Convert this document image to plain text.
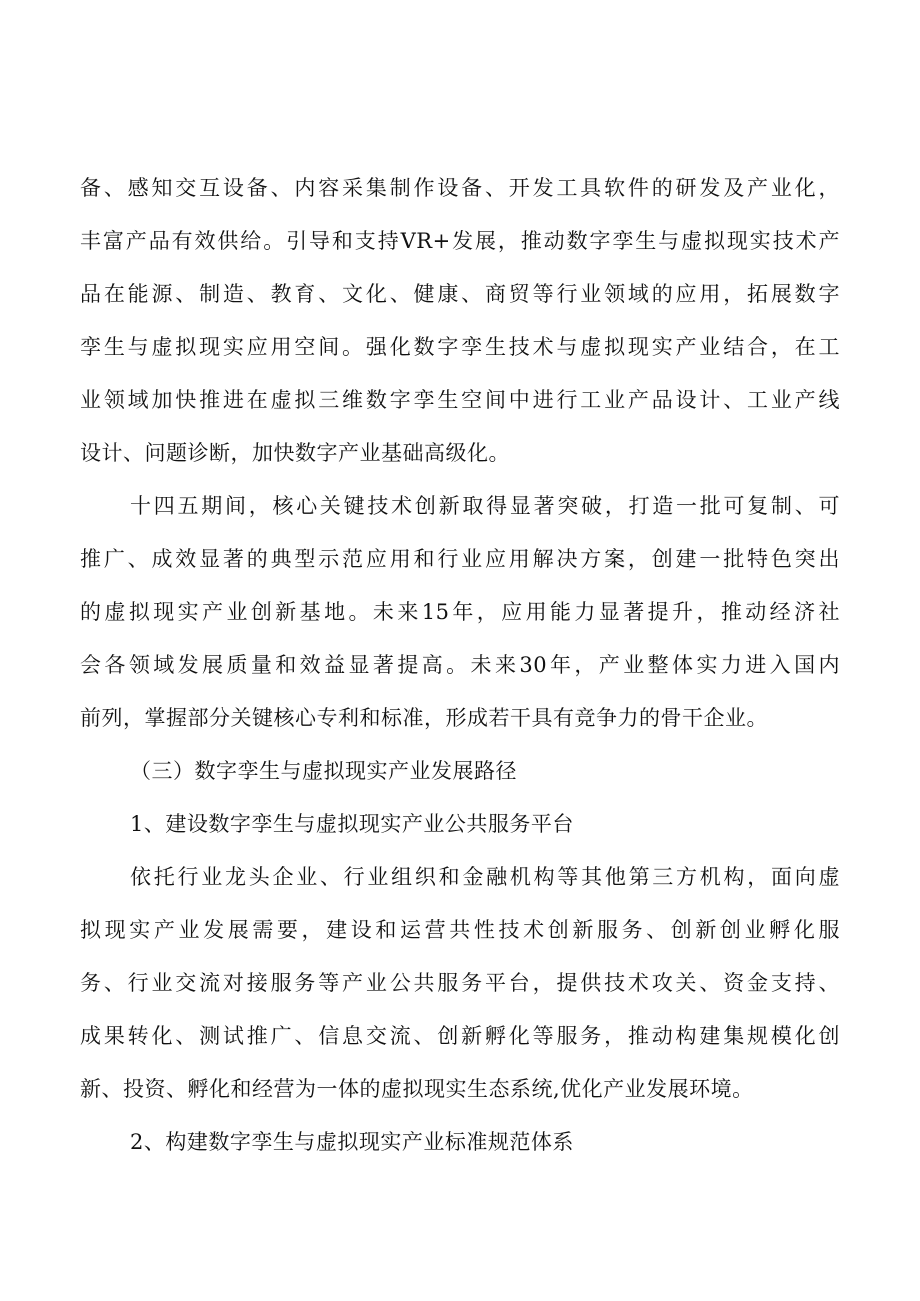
备、感知交互设备、内容采集制作设备、开发工具软件的研发及产业化，
丰富产品有效供给。引导和支持VR+发展，推动数字孪生与虚拟现实技术产
品在能源、制造、教育、文化、健康、商贸等行业领域的应用，拓展数字
孪生与虚拟现实应用空间。强化数字孪生技术与虚拟现实产业结合，在工
业领域加快推进在虚拟三维数字孪生空间中进行工业产品设计、工业产线
设计、问题诊断，加快数字产业基础高级化。
十四五期间，核心关键技术创新取得显著突破，打造一批可复制、可
推广、成效显著的典型示范应用和行业应用解决方案，创建一批特色突出
的虚拟现实产业创新基地。未来15年，应用能力显著提升，推动经济社
会各领域发展质量和效益显著提高。未来30年，产业整体实力进入国内
前列，掌握部分关键核心专利和标准，形成若干具有竞争力的骨干企业。
（三）数字孪生与虚拟现实产业发展路径
1、建设数字孪生与虚拟现实产业公共服务平台
依托行业龙头企业、行业组织和金融机构等其他第三方机构，面向虚
拟现实产业发展需要，建设和运营共性技术创新服务、创新创业孵化服
务、行业交流对接服务等产业公共服务平台，提供技术攻关、资金支持、
成果转化、测试推广、信息交流、创新孵化等服务，推动构建集规模化创
新、投资、孵化和经营为一体的虚拟现实生态系统,优化产业发展环境。
2、构建数字孪生与虚拟现实产业标准规范体系
